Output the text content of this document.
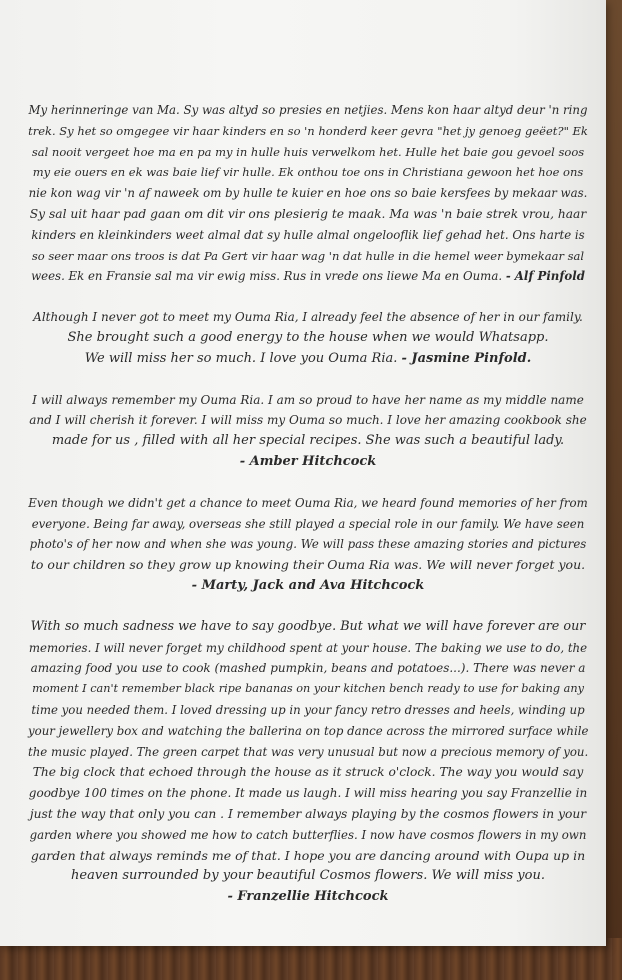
My herinneringe van Ma. Sy was altyd so presies en netjies. Mens kon haar altyd deur 'n ring
trek. Sy het so omgegee vir haar kinders en so 'n honderd keer gevra "het jy genoeg geëet?" Ek
sal nooit vergeet hoe ma en pa my in hulle huis verwelkom het. Hulle het baie gou gevoel soos
my eie ouers en ek was baie lief vir hulle. Ek onthou toe ons in Christiana gewoon het hoe ons
nie kon wag vir 'n af naweek om by hulle te kuier en hoe ons so baie kersfees by mekaar was.
Sy sal uit haar pad gaan om dit vir ons plesierig te maak. Ma was 'n baie strek vrou, haar
kinders en kleinkinders weet almal dat sy hulle almal ongelooflik lief gehad het. Ons harte is
so seer maar ons troos is dat Pa Gert vir haar wag 'n dat hulle in die hemel weer bymekaar sal
wees. Ek en Fransie sal ma vir ewig miss. Rus in vrede ons liewe Ma en Ouma. - Alf Pinfold

Although I never got to meet my Ouma Ria, I already feel the absence of her in our family.
She brought such a good energy to the house when we would Whatsapp.
We will miss her so much. I love you Ouma Ria. - Jasmine Pinfold.

I will always remember my Ouma Ria. I am so proud to have her name as my middle name
and I will cherish it forever. I will miss my Ouma so much. I love her amazing cookbook she
made for us , filled with all her special recipes. She was such a beautiful lady.
- Amber Hitchcock

Even though we didn't get a chance to meet Ouma Ria, we heard found memories of her from
everyone. Being far away, overseas she still played a special role in our family. We have seen
photo's of her now and when she was young. We will pass these amazing stories and pictures
to our children so they grow up knowing their Ouma Ria was. We will never forget you.
- Marty, Jack and Ava Hitchcock

With so much sadness we have to say goodbye. But what we will have forever are our
memories. I will never forget my childhood spent at your house. The baking we use to do, the
amazing food you use to cook (mashed pumpkin, beans and potatoes...). There was never a
moment I can't remember black ripe bananas on your kitchen bench ready to use for baking any
time you needed them. I loved dressing up in your fancy retro dresses and heels, winding up
your jewellery box and watching the ballerina on top dance across the mirrored surface while
the music played. The green carpet that was very unusual but now a precious memory of you.
The big clock that echoed through the house as it struck o'clock. The way you would say
goodbye 100 times on the phone. It made us laugh. I will miss hearing you say Franzellie in
just the way that only you can . I remember always playing by the cosmos flowers in your
garden where you showed me how to catch butterflies. I now have cosmos flowers in my own
garden that always reminds me of that. I hope you are dancing around with Oupa up in
heaven surrounded by your beautiful Cosmos flowers. We will miss you.
- Franzellie Hitchcock
